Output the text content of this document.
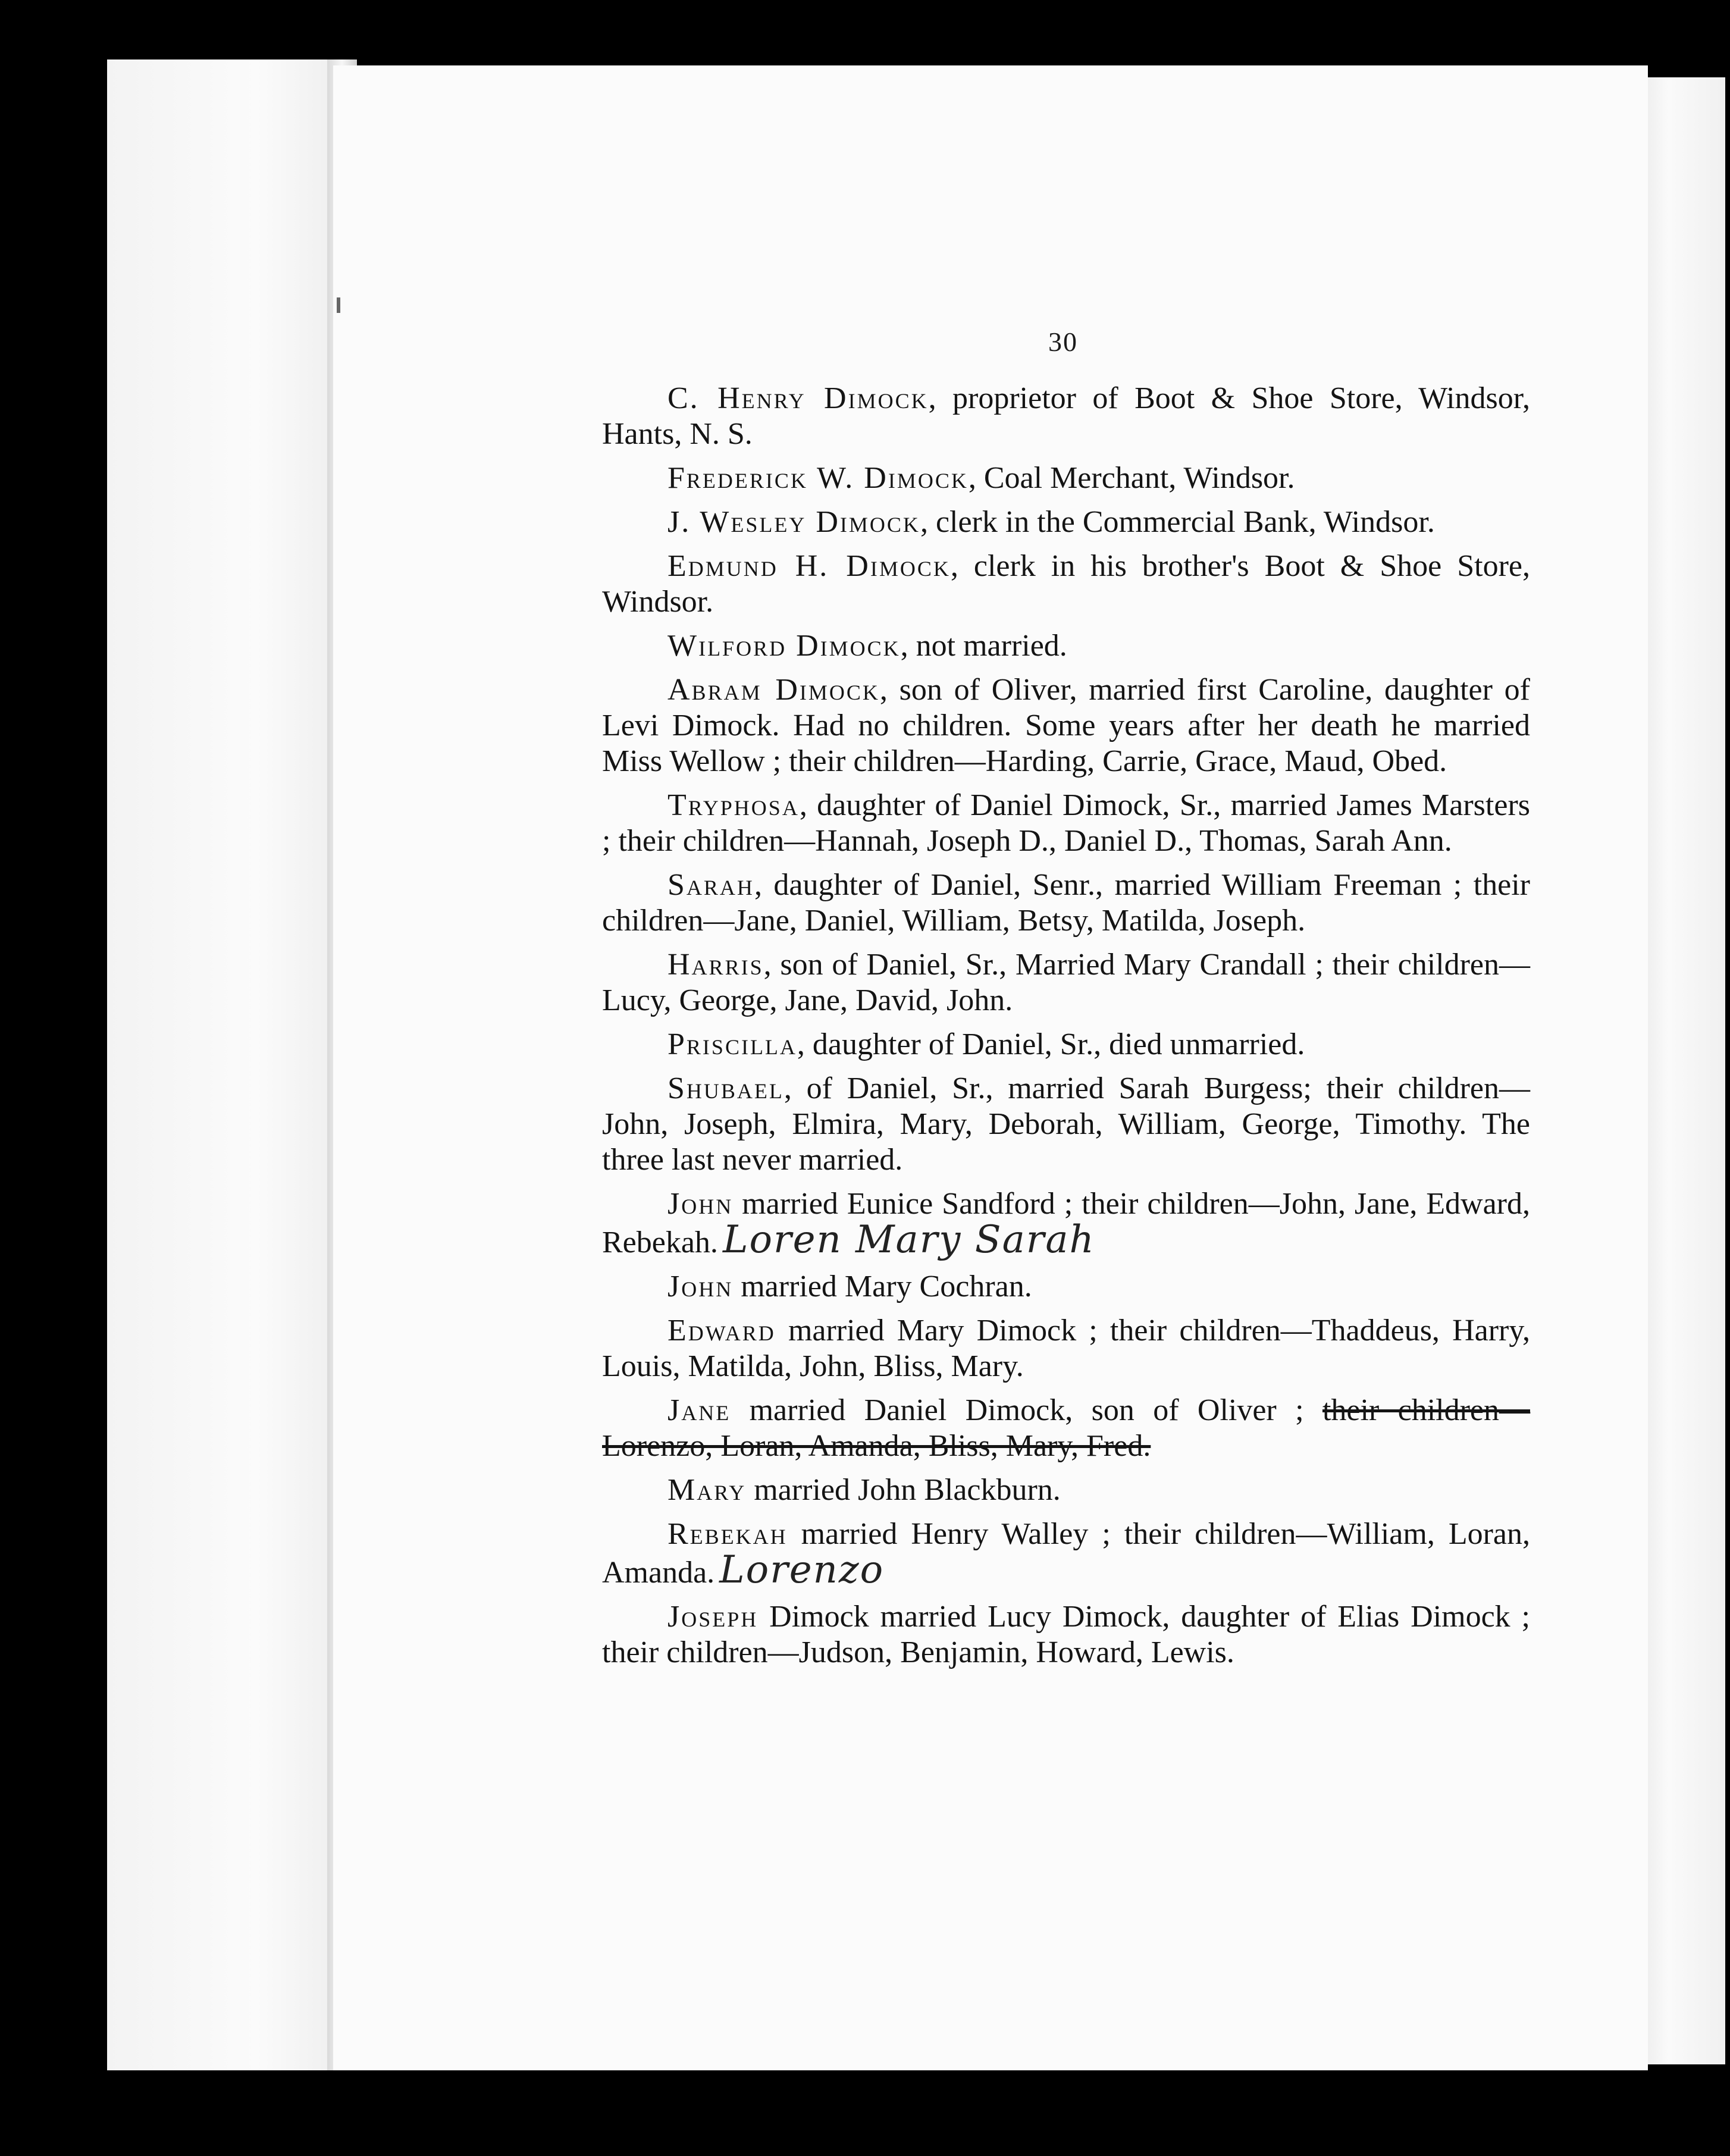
30

C. Henry Dimock, proprietor of Boot & Shoe Store, Windsor, Hants, N. S.

Frederick W. Dimock, Coal Merchant, Windsor.

J. Wesley Dimock, clerk in the Commercial Bank, Windsor.

Edmund H. Dimock, clerk in his brother's Boot & Shoe Store, Windsor.

Wilford Dimock, not married.

Abram Dimock, son of Oliver, married first Caroline, daughter of Levi Dimock. Had no children. Some years after her death he married Miss Wellow ; their children—Harding, Carrie, Grace, Maud, Obed.

Tryphosa, daughter of Daniel Dimock, Sr., married James Marsters ; their children—Hannah, Joseph D., Daniel D., Thomas, Sarah Ann.

Sarah, daughter of Daniel, Senr., married William Freeman ; their children—Jane, Daniel, William, Betsy, Matilda, Joseph.

Harris, son of Daniel, Sr., Married Mary Crandall ; their children—Lucy, George, Jane, David, John.

Priscilla, daughter of Daniel, Sr., died unmarried.

Shubael, of Daniel, Sr., married Sarah Burgess; their children—John, Joseph, Elmira, Mary, Deborah, William, George, Timothy. The three last never married.

John married Eunice Sandford ; their children—John, Jane, Edward, Rebekah. Loren Mary Sarah

John married Mary Cochran.

Edward married Mary Dimock ; their children—Thaddeus, Harry, Louis, Matilda, John, Bliss, Mary.

Jane married Daniel Dimock, son of Oliver ; their children—Lorenzo, Loran, Amanda, Bliss, Mary, Fred.

Mary married John Blackburn.

Rebekah married Henry Walley ; their children—William, Loran, Amanda. Lorenzo

Joseph Dimock married Lucy Dimock, daughter of Elias Dimock ; their children—Judson, Benjamin, Howard, Lewis.
